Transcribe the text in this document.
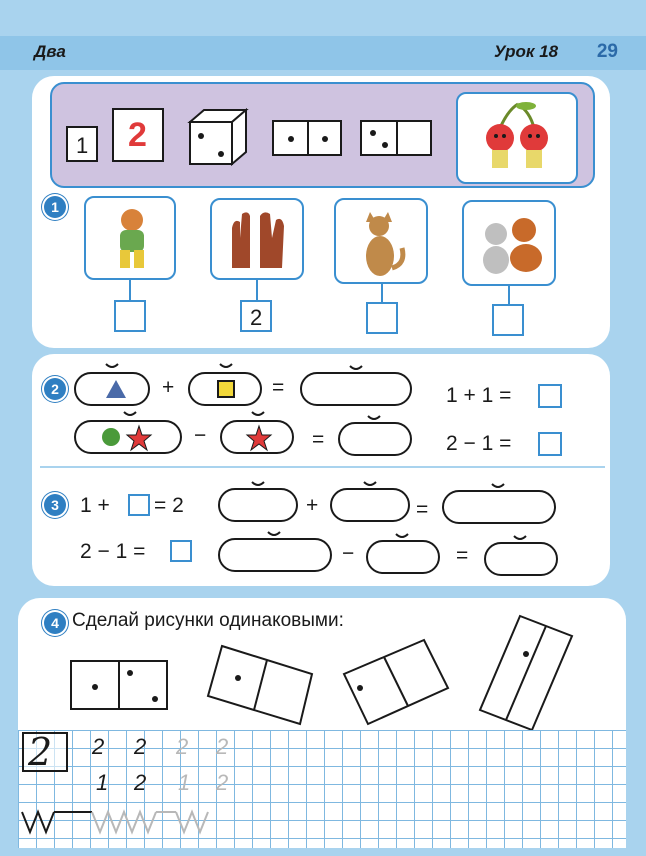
Два	Урок 18 29
1 2
1
2
2	+	=	1 + 1 =
−	=	2 − 1 =
3	1 + = 2	+	=
2 − 1 =	−	=
4 Сделай рисунки одинаковыми:
2 2 2 2 2
1 2 1 2
